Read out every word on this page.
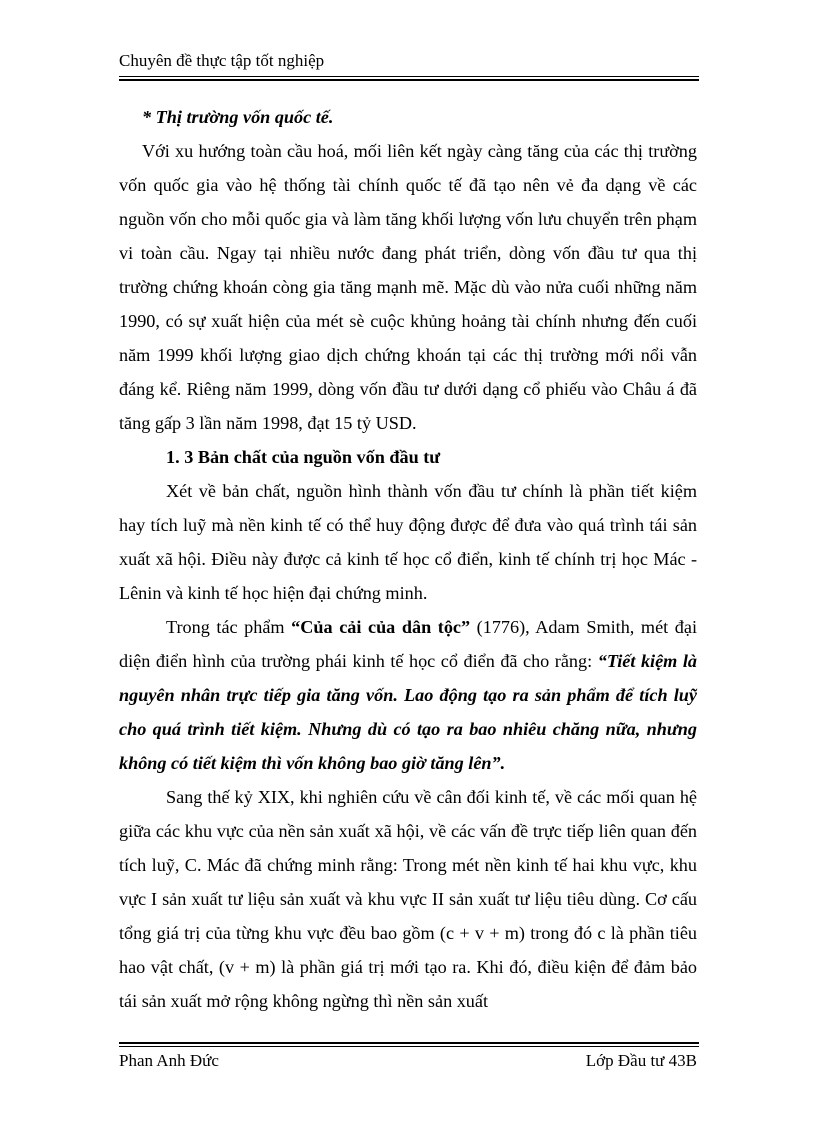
Chuyên đề thực tập tốt nghiệp

* Thị trường vốn quốc tế.

Với xu hướng toàn cầu hoá, mối liên kết ngày càng tăng của các thị trường vốn quốc gia vào hệ thống tài chính quốc tế đã tạo nên vẻ đa dạng về các nguồn vốn cho mỗi quốc gia và làm tăng khối lượng vốn lưu chuyển trên phạm vi toàn cầu. Ngay tại nhiều nước đang phát triển, dòng vốn đầu tư qua thị trường chứng khoán còng gia tăng mạnh mẽ. Mặc dù vào nửa cuối những năm 1990, có sự xuất hiện của mét sè cuộc khủng hoảng tài chính nhưng đến cuối năm 1999 khối lượng giao dịch chứng khoán tại các thị trường mới nổi vẫn đáng kể. Riêng năm 1999, dòng vốn đầu tư dưới dạng cổ phiếu vào Châu á đã tăng gấp 3 lần năm 1998, đạt 15 tỷ USD.

1. 3 Bản chất của nguồn vốn đầu tư

Xét về bản chất, nguồn hình thành vốn đầu tư chính là phần tiết kiệm hay tích luỹ mà nền kinh tế có thể huy động được để đưa vào quá trình tái sản xuất xã hội. Điều này được cả kinh tế học cổ điển, kinh tế chính trị học Mác - Lênin và kinh tế học hiện đại chứng minh.

Trong tác phẩm “Của cải của dân tộc” (1776), Adam Smith, mét đại diện điển hình của trường phái kinh tế học cổ điển đã cho rằng: “Tiết kiệm là nguyên nhân trực tiếp gia tăng vốn. Lao động tạo ra sản phẩm để tích luỹ cho quá trình tiết kiệm. Nhưng dù có tạo ra bao nhiêu chăng nữa, nhưng không có tiết kiệm thì vốn không bao giờ tăng lên”.

Sang thế kỷ XIX, khi nghiên cứu về cân đối kinh tế, về các mối quan hệ giữa các khu vực của nền sản xuất xã hội, về các vấn đề trực tiếp liên quan đến tích luỹ, C. Mác đã chứng minh rằng: Trong mét nền kinh tế hai khu vực, khu vực I sản xuất tư liệu sản xuất và khu vực II sản xuất tư liệu tiêu dùng. Cơ cấu tổng giá trị của từng khu vực đều bao gồm (c + v + m) trong đó c là phần tiêu hao vật chất, (v + m) là phần giá trị mới tạo ra. Khi đó, điều kiện để đảm bảo tái sản xuất mở rộng không ngừng thì nền sản xuất

Phan Anh Đức	Lớp Đầu tư 43B
